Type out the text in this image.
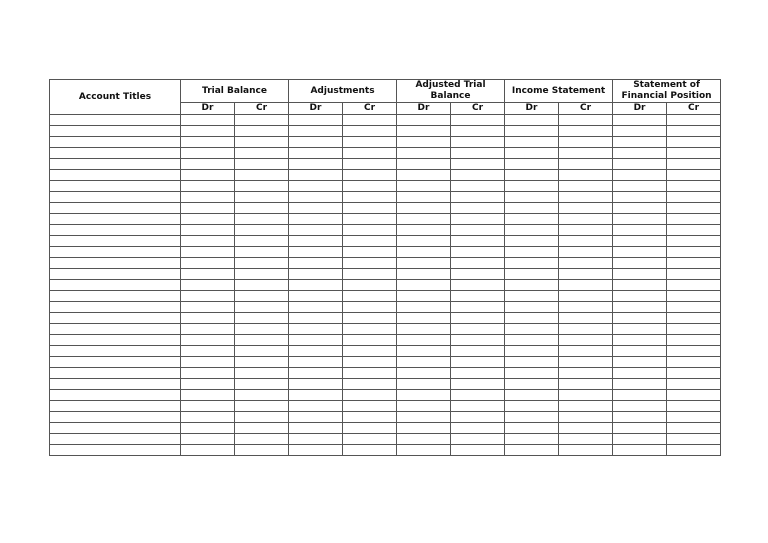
Account Titles	Trial Balance		Adjustments		Adjusted Trial Balance		Income Statement		Statement of Financial Position	
	Dr	Cr	Dr	Cr	Dr	Cr	Dr	Cr	Dr	Cr
